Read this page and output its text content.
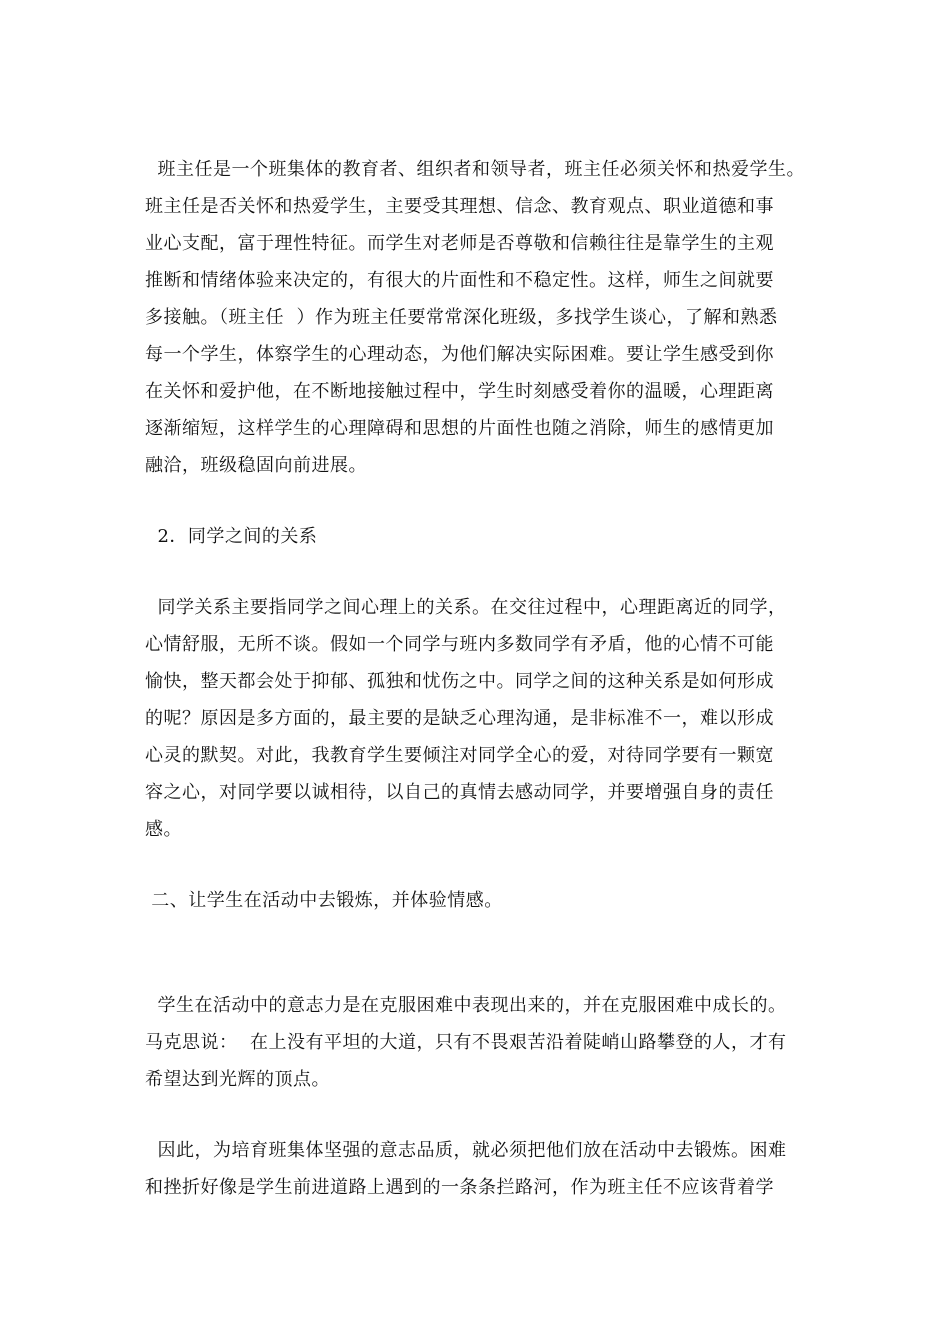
班主任是一个班集体的教育者、组织者和领导者，班主任必须关怀和热爱学生。
班主任是否关怀和热爱学生，主要受其理想、信念、教育观点、职业道德和事
业心支配，富于理性特征。而学生对老师是否尊敬和信赖往往是靠学生的主观
推断和情绪体验来决定的，有很大的片面性和不稳定性。这样，师生之间就要
多接触。（班主任  ）作为班主任要常常深化班级，多找学生谈心，了解和熟悉
每一个学生，体察学生的心理动态，为他们解决实际困难。要让学生感受到你
在关怀和爱护他，在不断地接触过程中，学生时刻感受着你的温暖，心理距离
逐渐缩短，这样学生的心理障碍和思想的片面性也随之消除，师生的感情更加
融洽，班级稳固向前进展。
2．同学之间的关系
同学关系主要指同学之间心理上的关系。在交往过程中，心理距离近的同学，
心情舒服，无所不谈。假如一个同学与班内多数同学有矛盾，他的心情不可能
愉快，整天都会处于抑郁、孤独和忧伤之中。同学之间的这种关系是如何形成
的呢？原因是多方面的，最主要的是缺乏心理沟通，是非标准不一，难以形成
心灵的默契。对此，我教育学生要倾注对同学全心的爱，对待同学要有一颗宽
容之心，对同学要以诚相待，以自己的真情去感动同学，并要增强自身的责任
感。
二、让学生在活动中去锻炼，并体验情感。
学生在活动中的意志力是在克服困难中表现出来的，并在克服困难中成长的。
马克思说：  在上没有平坦的大道，只有不畏艰苦沿着陡峭山路攀登的人，才有
希望达到光辉的顶点。
因此，为培育班集体坚强的意志品质，就必须把他们放在活动中去锻炼。困难
和挫折好像是学生前进道路上遇到的一条条拦路河，作为班主任不应该背着学
